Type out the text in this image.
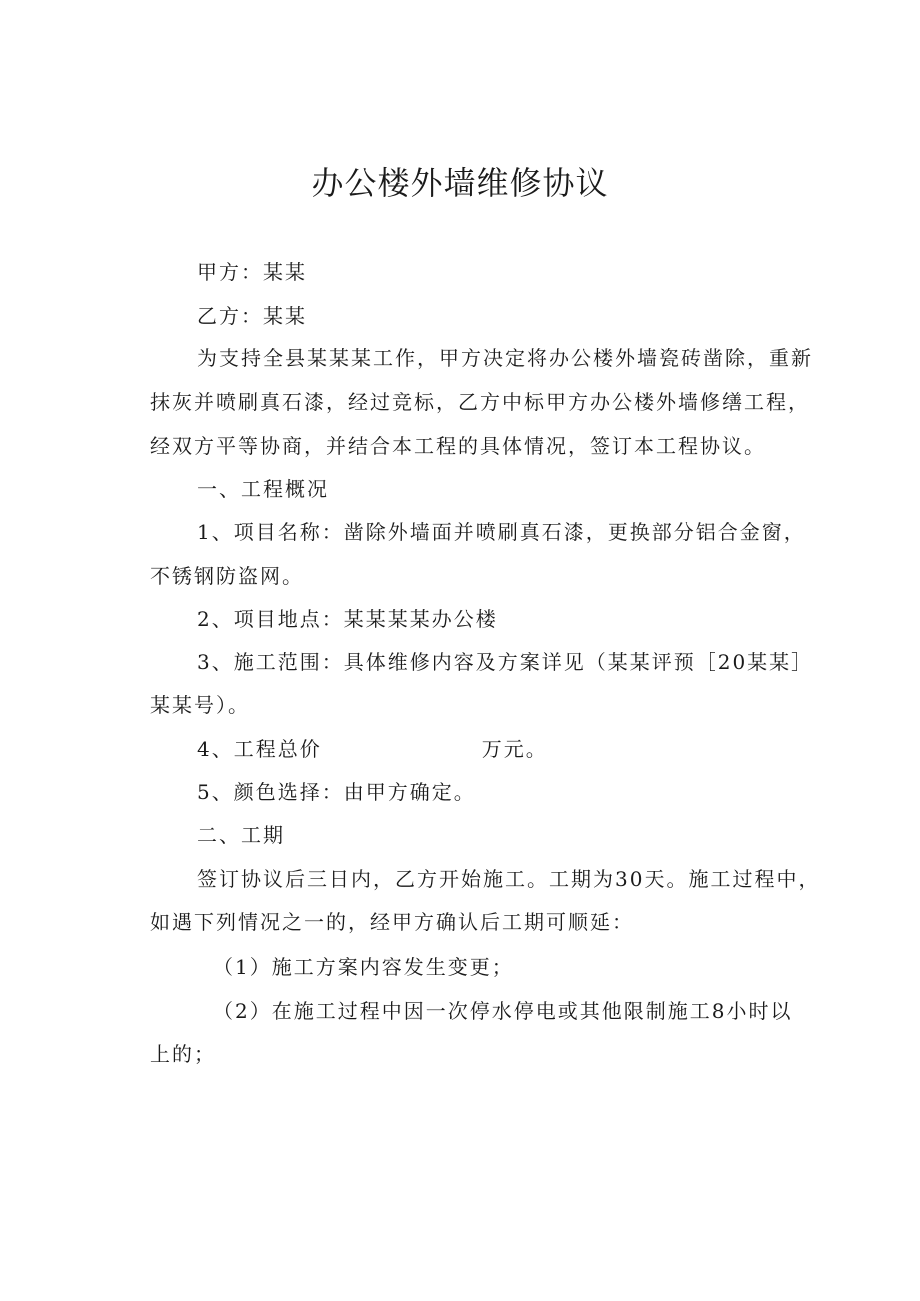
办公楼外墙维修协议
甲方：某某
乙方：某某
为支持全县某某某工作，甲方决定将办公楼外墙瓷砖凿除，重新
抹灰并喷刷真石漆，经过竞标，乙方中标甲方办公楼外墙修缮工程，
经双方平等协商，并结合本工程的具体情况，签订本工程协议。
一、工程概况
1、项目名称：凿除外墙面并喷刷真石漆，更换部分铝合金窗，
不锈钢防盗网。
2、项目地点：某某某某办公楼
3、施工范围：具体维修内容及方案详见（某某评预［20某某］
某某号）。
4、工程总价	万元。
5、颜色选择：由甲方确定。
二、工期
签订协议后三日内，乙方开始施工。工期为30天。施工过程中，
如遇下列情况之一的，经甲方确认后工期可顺延：
（1）施工方案内容发生变更；
（2）在施工过程中因一次停水停电或其他限制施工8小时以
上的；
